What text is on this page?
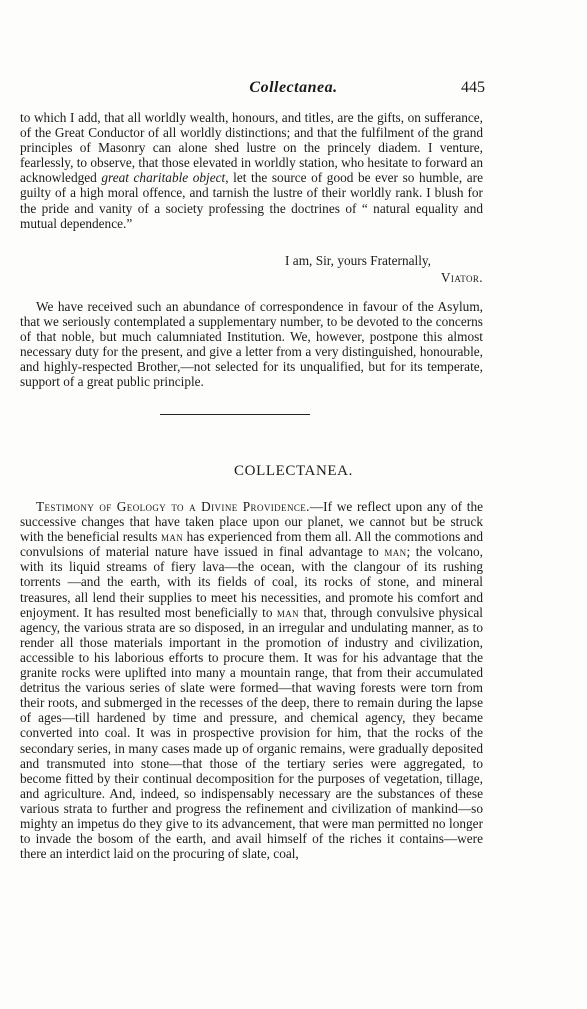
Collectanea.	445
to which I add, that all worldly wealth, honours, and titles, are the gifts, on sufferance, of the Great Conductor of all worldly distinctions; and that the fulfilment of the grand principles of Masonry can alone shed lustre on the princely diadem. I venture, fearlessly, to observe, that those elevated in worldly station, who hesitate to forward an acknowledged great charitable object, let the source of good be ever so humble, are guilty of a high moral offence, and tarnish the lustre of their worldly rank. I blush for the pride and vanity of a society professing the doctrines of “ natural equality and mutual dependence.”
I am, Sir, yours Fraternally,
Viator.
We have received such an abundance of correspondence in favour of the Asylum, that we seriously contemplated a supplementary number, to be devoted to the concerns of that noble, but much calumniated Institution. We, however, postpone this almost necessary duty for the present, and give a letter from a very distinguished, honourable, and highly-respected Brother,—not selected for its unqualified, but for its temperate, support of a great public principle.
COLLECTANEA.
Testimony of Geology to a Divine Providence.—If we reflect upon any of the successive changes that have taken place upon our planet, we cannot but be struck with the beneficial results man has experienced from them all. All the commotions and convulsions of material nature have issued in final advantage to man; the volcano, with its liquid streams of fiery lava—the ocean, with the clangour of its rushing torrents —and the earth, with its fields of coal, its rocks of stone, and mineral treasures, all lend their supplies to meet his necessities, and promote his comfort and enjoyment. It has resulted most beneficially to man that, through convulsive physical agency, the various strata are so disposed, in an irregular and undulating manner, as to render all those materials important in the promotion of industry and civilization, accessible to his laborious efforts to procure them. It was for his advantage that the granite rocks were uplifted into many a mountain range, that from their accumulated detritus the various series of slate were formed—that waving forests were torn from their roots, and submerged in the recesses of the deep, there to remain during the lapse of ages—till hardened by time and pressure, and chemical agency, they became converted into coal. It was in prospective provision for him, that the rocks of the secondary series, in many cases made up of organic remains, were gradually deposited and transmuted into stone—that those of the tertiary series were aggregated, to become fitted by their continual decomposition for the purposes of vegetation, tillage, and agriculture. And, indeed, so indispensably necessary are the substances of these various strata to further and progress the refinement and civilization of mankind—so mighty an impetus do they give to its advancement, that were man permitted no longer to invade the bosom of the earth, and avail himself of the riches it contains—were there an interdict laid on the procuring of slate, coal,
